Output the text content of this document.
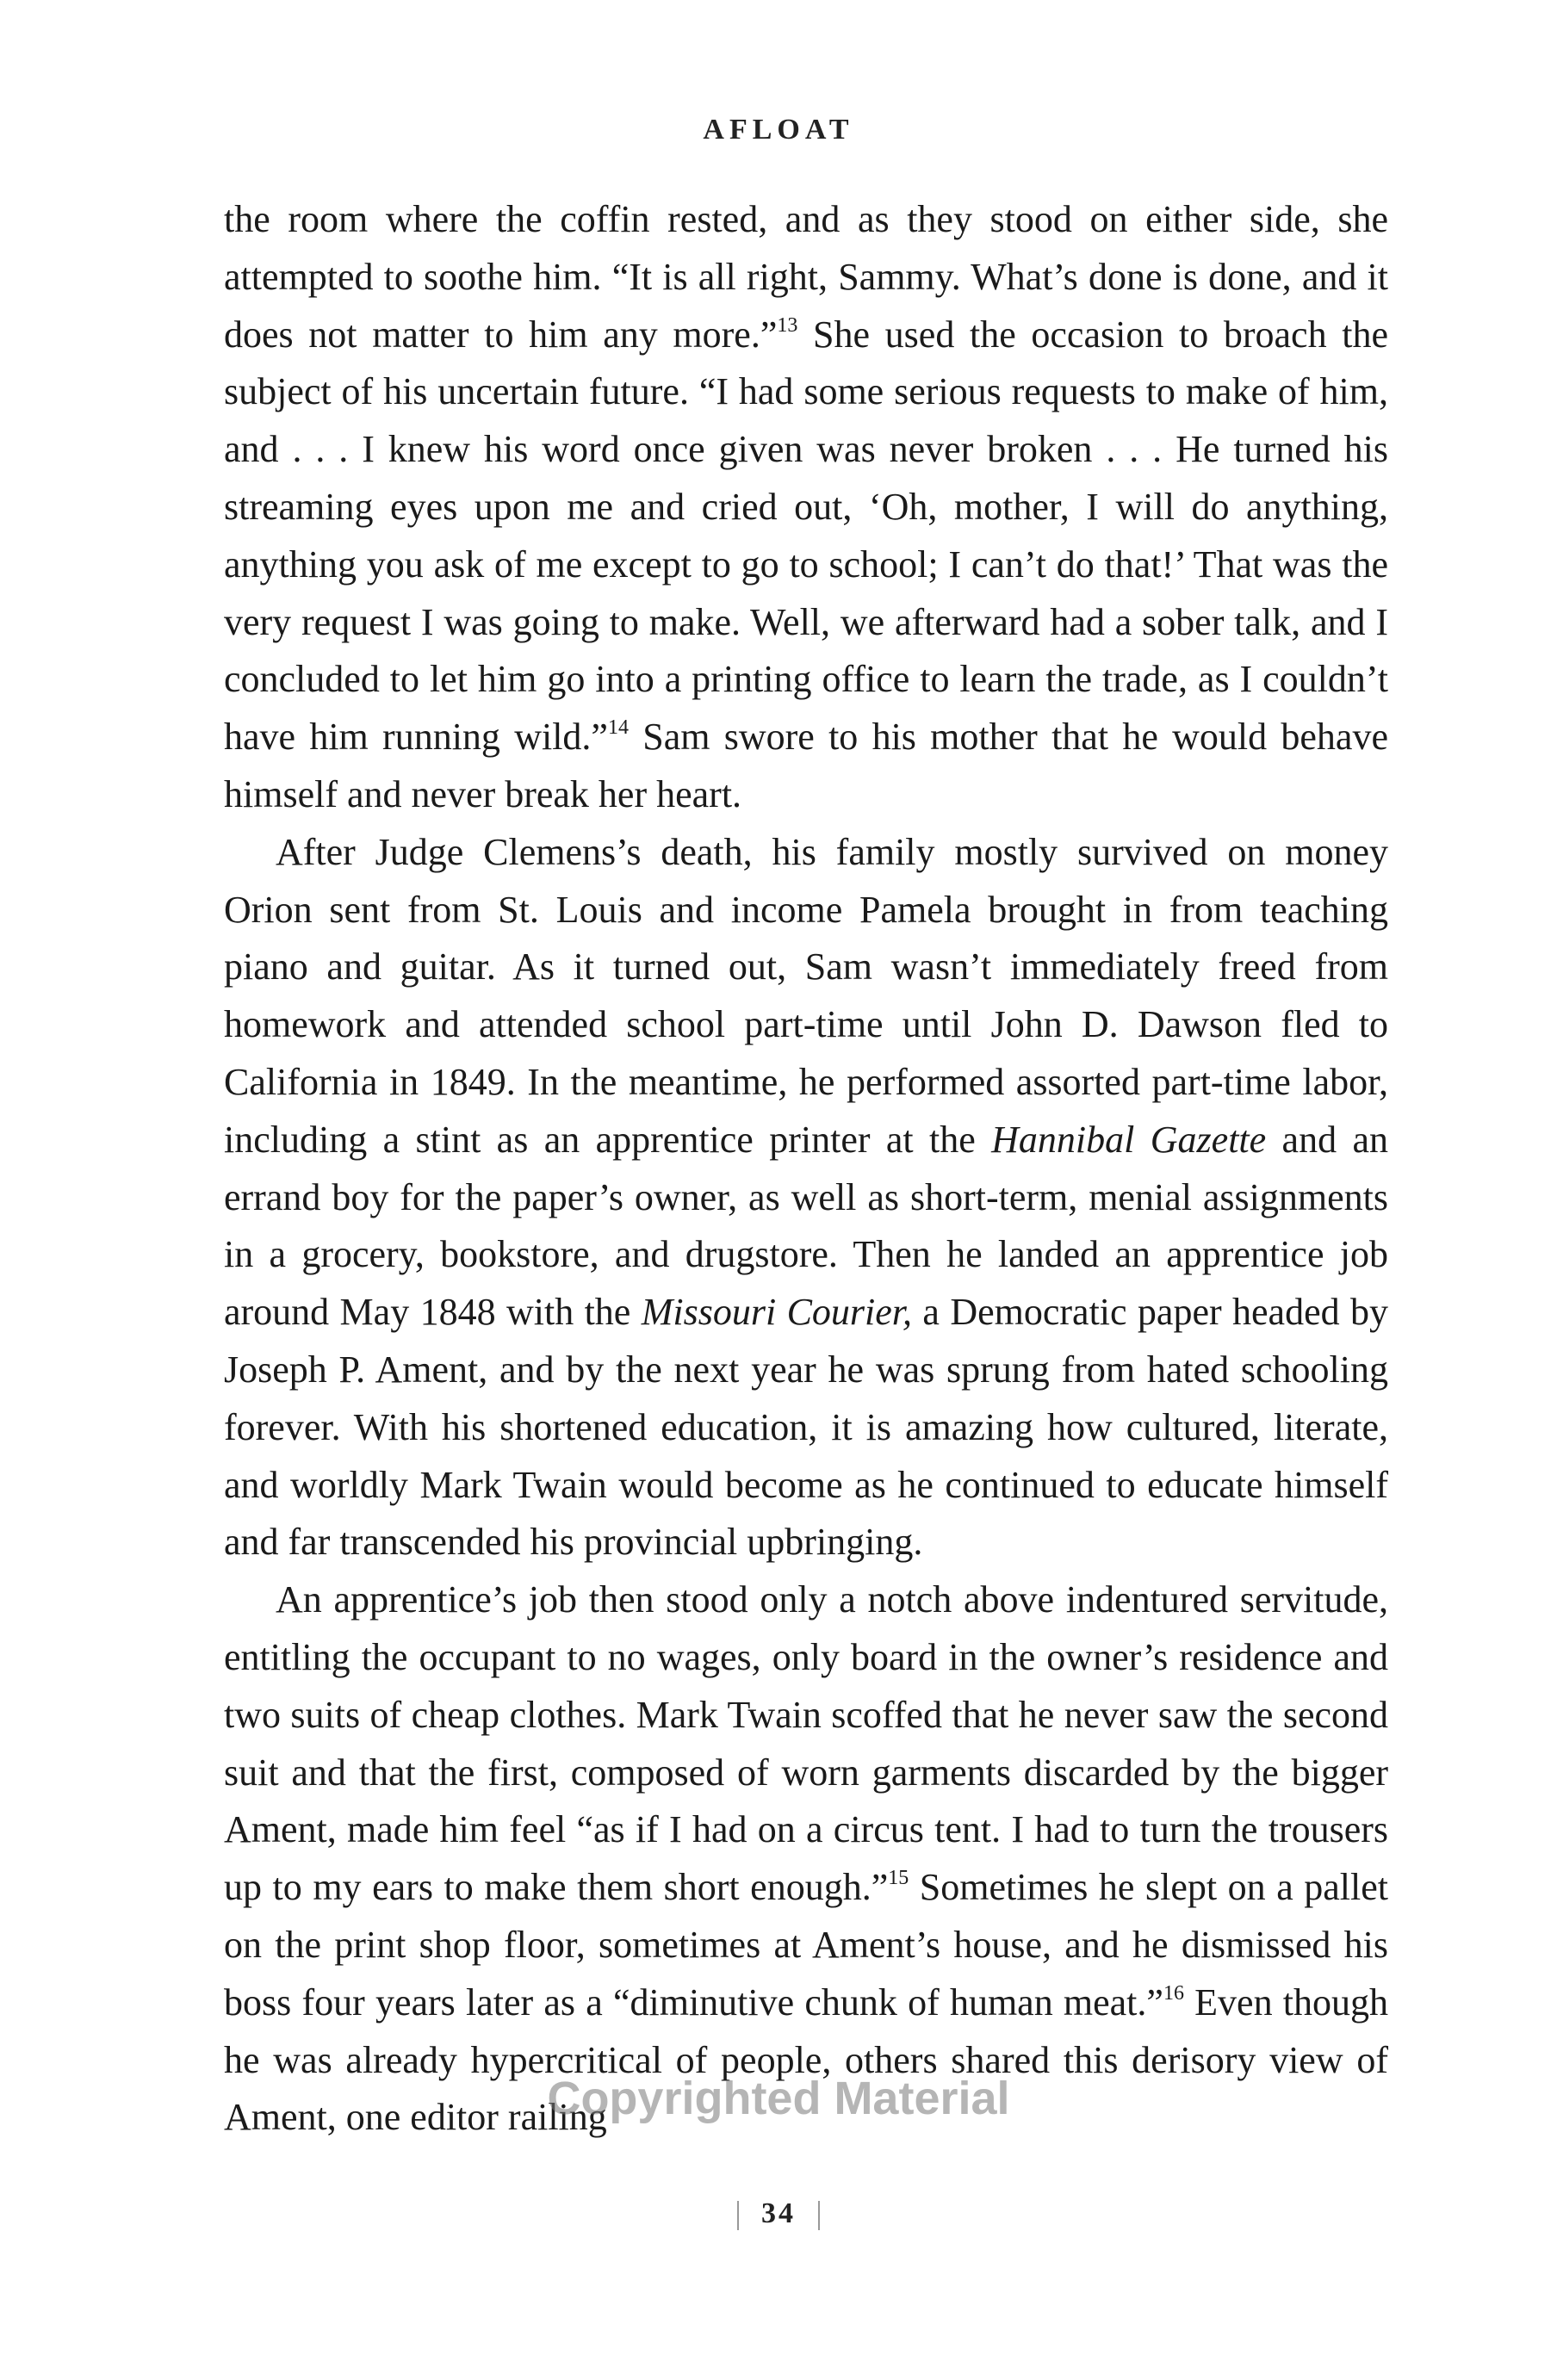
AFLOAT

the room where the coffin rested, and as they stood on either side, she attempted to soothe him. “It is all right, Sammy. What’s done is done, and it does not matter to him any more.”$^{13}$ She used the occasion to broach the subject of his uncertain future. “I had some serious requests to make of him, and . . . I knew his word once given was never broken . . . He turned his streaming eyes upon me and cried out, ‘Oh, mother, I will do anything, anything you ask of me except to go to school; I can’t do that!’ That was the very request I was going to make. Well, we afterward had a sober talk, and I concluded to let him go into a printing office to learn the trade, as I couldn’t have him running wild.”$^{14}$ Sam swore to his mother that he would behave himself and never break her heart.

After Judge Clemens’s death, his family mostly survived on money Orion sent from St. Louis and income Pamela brought in from teaching piano and guitar. As it turned out, Sam wasn’t immediately freed from homework and attended school part-time until John D. Dawson fled to California in 1849. In the meantime, he performed assorted part-time labor, including a stint as an apprentice printer at the Hannibal Gazette and an errand boy for the paper’s owner, as well as short-term, menial assignments in a grocery, bookstore, and drugstore. Then he landed an apprentice job around May 1848 with the Missouri Courier, a Democratic paper headed by Joseph P. Ament, and by the next year he was sprung from hated schooling forever. With his shortened education, it is amazing how cultured, literate, and worldly Mark Twain would become as he continued to educate himself and far transcended his provincial upbringing.

An apprentice’s job then stood only a notch above indentured servitude, entitling the occupant to no wages, only board in the owner’s residence and two suits of cheap clothes. Mark Twain scoffed that he never saw the second suit and that the first, composed of worn garments discarded by the bigger Ament, made him feel “as if I had on a circus tent. I had to turn the trousers up to my ears to make them short enough.”$^{15}$ Sometimes he slept on a pallet on the print shop floor, sometimes at Ament’s house, and he dismissed his boss four years later as a “diminutive chunk of human meat.”$^{16}$ Even though he was already hypercritical of people, others shared this derisory view of Ament, one editor railing

Copyrighted Material
34
